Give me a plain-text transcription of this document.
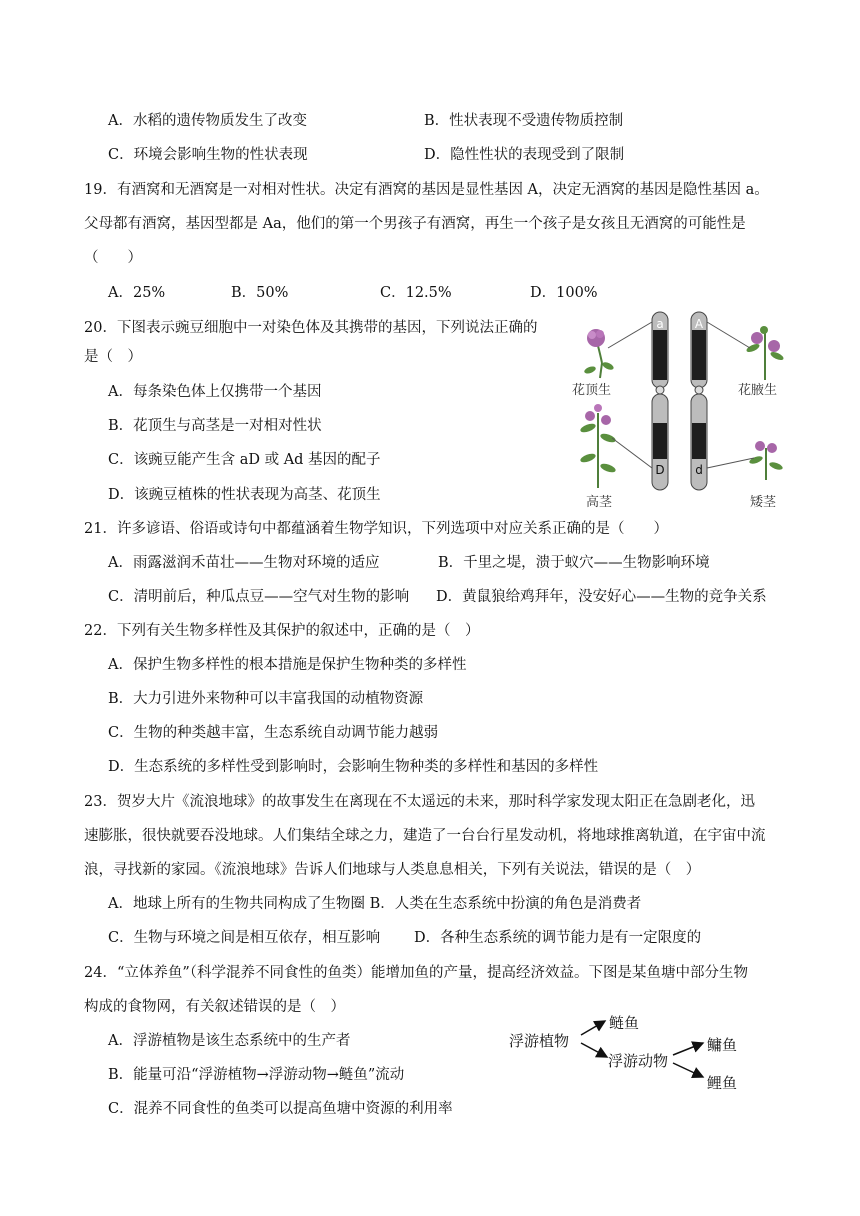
A．水稻的遗传物质发生了改变	B．性状表现不受遗传物质控制
C．环境会影响生物的性状表现	D．隐性性状的表现受到了限制
19．有酒窝和无酒窝是一对相对性状。决定有酒窝的基因是显性基因 A，决定无酒窝的基因是隐性基因 a。
父母都有酒窝，基因型都是 Aa，他们的第一个男孩子有酒窝，再生一个孩子是女孩且无酒窝的可能性是
（　　）
A．25%	B．50%	C．12.5%	D．100%
20．下图表示豌豆细胞中一对染色体及其携带的基因，下列说法正确的
是（　）
A．每条染色体上仅携带一个基因
B．花顶生与高茎是一对相对性状
C．该豌豆能产生含 aD 或 Ad 基因的配子
D．该豌豆植株的性状表现为高茎、花顶生
a	A
D	d
花顶生	花腋生
高茎	矮茎
21．许多谚语、俗语或诗句中都蕴涵着生物学知识，下列选项中对应关系正确的是（　　）
A．雨露滋润禾苗壮——生物对环境的适应	B．千里之堤，溃于蚁穴——生物影响环境
C．清明前后，种瓜点豆——空气对生物的影响 D．黄鼠狼给鸡拜年，没安好心——生物的竞争关系
22．下列有关生物多样性及其保护的叙述中，正确的是（　）
A．保护生物多样性的根本措施是保护生物种类的多样性
B．大力引进外来物种可以丰富我国的动植物资源
C．生物的种类越丰富，生态系统自动调节能力越弱
D．生态系统的多样性受到影响时，会影响生物种类的多样性和基因的多样性
23．贺岁大片《流浪地球》的故事发生在离现在不太遥远的未来，那时科学家发现太阳正在急剧老化，迅
速膨胀，很快就要吞没地球。人们集结全球之力，建造了一台台行星发动机，将地球推离轨道，在宇宙中流
浪，寻找新的家园。《流浪地球》告诉人们地球与人类息息相关，下列有关说法，错误的是（　）
A．地球上所有的生物共同构成了生物圈 B．人类在生态系统中扮演的角色是消费者
C．生物与环境之间是相互依存，相互影响 D．各种生态系统的调节能力是有一定限度的
24．“立体养鱼”（科学混养不同食性的鱼类）能增加鱼的产量，提高经济效益。下图是某鱼塘中部分生物
构成的食物网，有关叙述错误的是（　）
A．浮游植物是该生态系统中的生产者
B．能量可沿“浮游植物→浮游动物→鲢鱼”流动
C．混养不同食性的鱼类可以提高鱼塘中资源的利用率
浮游植物
鲢鱼
浮游动物
鳙鱼
鲤鱼
